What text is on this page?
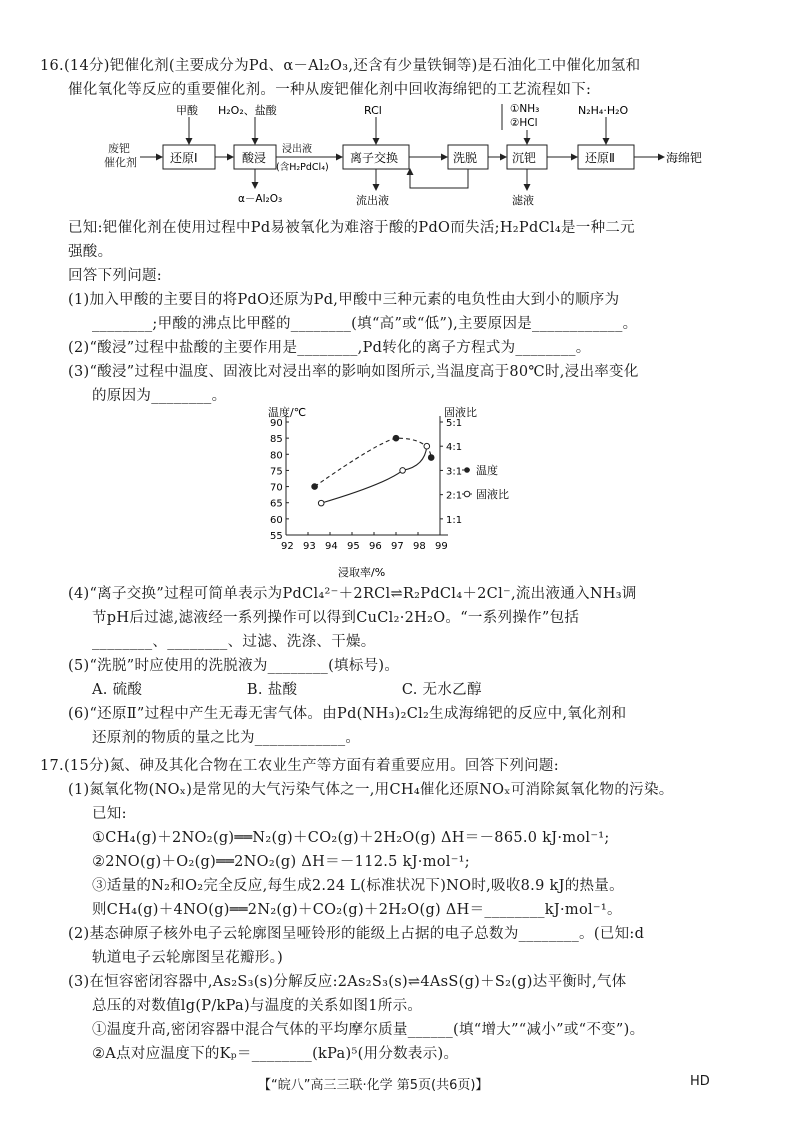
16.(14分)钯催化剂(主要成分为Pd、α－Al₂O₃,还含有少量铁铜等)是石油化工中催化加氢和
催化氧化等反应的重要催化剂。一种从废钯催化剂中回收海绵钯的工艺流程如下:
废钯
催化剂	还原Ⅰ	酸浸
浸出液
(含H₂PdCl₄)
离子交换	洗脱	沉钯	还原Ⅱ	海绵钯
甲酸 H₂O₂、盐酸	RCl	①NH₃
②HCl
N₂H₄·H₂O
α－Al₂O₃	流出液	滤液
已知:钯催化剂在使用过程中Pd易被氧化为难溶于酸的PdO而失活;H₂PdCl₄是一种二元
强酸。
回答下列问题:
(1)加入甲酸的主要目的将PdO还原为Pd,甲酸中三种元素的电负性由大到小的顺序为
________;甲酸的沸点比甲醛的________(填“高”或“低”),主要原因是____________。
(2)“酸浸”过程中盐酸的主要作用是________,Pd转化的离子方程式为________。
(3)“酸浸”过程中温度、固液比对浸出率的影响如图所示,当温度高于80℃时,浸出率变化
的原因为________。
温度/℃	固液比
浸取率/%
92 93 94 95 96 97 98 99
55
60
65
70
75
80
85
90
1:1
2:1
3:1
4:1
5:1
温度
固液比
(4)“离子交换”过程可简单表示为PdCl₄²⁻＋2RCl⇌R₂PdCl₄＋2Cl⁻,流出液通入NH₃调
节pH后过滤,滤液经一系列操作可以得到CuCl₂·2H₂O。“一系列操作”包括
________、________、过滤、洗涤、干燥。
(5)“洗脱”时应使用的洗脱液为________(填标号)。
A. 硫酸	B. 盐酸	C. 无水乙醇
(6)“还原Ⅱ”过程中产生无毒无害气体。由Pd(NH₃)₂Cl₂生成海绵钯的反应中,氧化剂和
还原剂的物质的量之比为____________。
17.(15分)氮、砷及其化合物在工农业生产等方面有着重要应用。回答下列问题:
(1)氮氧化物(NOₓ)是常见的大气污染气体之一,用CH₄催化还原NOₓ可消除氮氧化物的污染。
已知:
①CH₄(g)＋2NO₂(g)══N₂(g)＋CO₂(g)＋2H₂O(g) ΔH＝－865.0 kJ·mol⁻¹;
②2NO(g)＋O₂(g)══2NO₂(g) ΔH＝－112.5 kJ·mol⁻¹;
③适量的N₂和O₂完全反应,每生成2.24 L(标准状况下)NO时,吸收8.9 kJ的热量。
则CH₄(g)＋4NO(g)══2N₂(g)＋CO₂(g)＋2H₂O(g) ΔH＝________kJ·mol⁻¹。
(2)基态砷原子核外电子云轮廓图呈哑铃形的能级上占据的电子总数为________。(已知:d
轨道电子云轮廓图呈花瓣形。)
(3)在恒容密闭容器中,As₂S₃(s)分解反应:2As₂S₃(s)⇌4AsS(g)＋S₂(g)达平衡时,气体
总压的对数值lg(P/kPa)与温度的关系如图1所示。
①温度升高,密闭容器中混合气体的平均摩尔质量______(填“增大”“减小”或“不变”)。
②A点对应温度下的Kₚ＝________(kPa)⁵(用分数表示)。
【“皖八”高三三联·化学 第5页(共6页)】	HD
